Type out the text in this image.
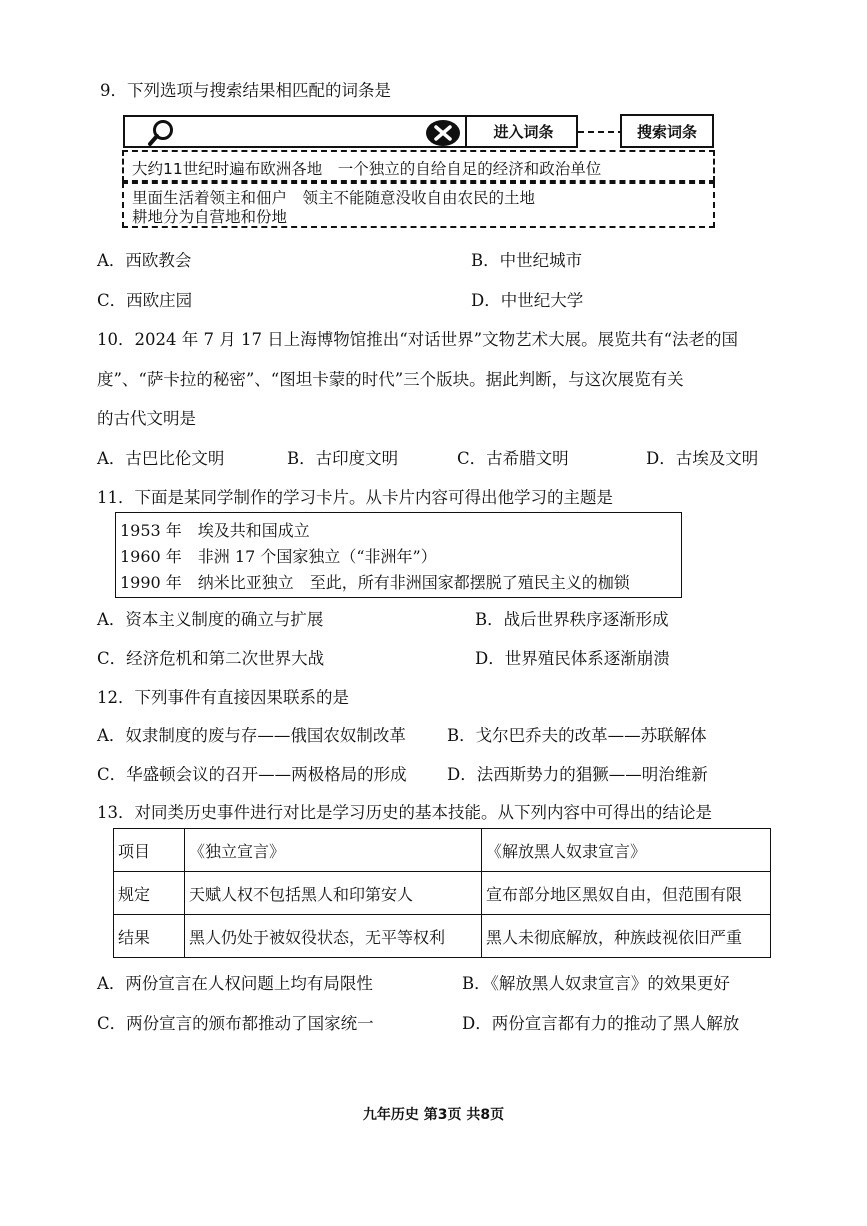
9．下列选项与搜索结果相匹配的词条是
进入词条	搜索词条
大约11世纪时遍布欧洲各地　一个独立的自给自足的经济和政治单位
里面生活着领主和佃户　领主不能随意没收自由农民的土地
耕地分为自营地和份地
A．西欧教会	B．中世纪城市
C．西欧庄园	D．中世纪大学
10．2024 年 7 月 17 日上海博物馆推出“对话世界”文物艺术大展。展览共有“法老的国
度”、“萨卡拉的秘密”、“图坦卡蒙的时代”三个版块。据此判断，与这次展览有关
的古代文明是
A．古巴比伦文明	B．古印度文明	C．古希腊文明	D．古埃及文明
11．下面是某同学制作的学习卡片。从卡片内容可得出他学习的主题是
1953 年　埃及共和国成立
1960 年　非洲 17 个国家独立（“非洲年”）
1990 年　纳米比亚独立　至此，所有非洲国家都摆脱了殖民主义的枷锁
A．资本主义制度的确立与扩展	B．战后世界秩序逐渐形成
C．经济危机和第二次世界大战	D．世界殖民体系逐渐崩溃
12．下列事件有直接因果联系的是
A．奴隶制度的废与存——俄国农奴制改革 B．戈尔巴乔夫的改革——苏联解体
C．华盛顿会议的召开——两极格局的形成 D．法西斯势力的猖獗——明治维新
13．对同类历史事件进行对比是学习历史的基本技能。从下列内容中可得出的结论是
项目	《独立宣言》	《解放黑人奴隶宣言》
规定	天赋人权不包括黑人和印第安人	宣布部分地区黑奴自由，但范围有限
结果	黑人仍处于被奴役状态，无平等权利	黑人未彻底解放，种族歧视依旧严重
A．两份宣言在人权问题上均有局限性	B．《解放黑人奴隶宣言》的效果更好
C．两份宣言的颁布都推动了国家统一	D．两份宣言都有力的推动了黑人解放
九年历史 第3页 共8页
